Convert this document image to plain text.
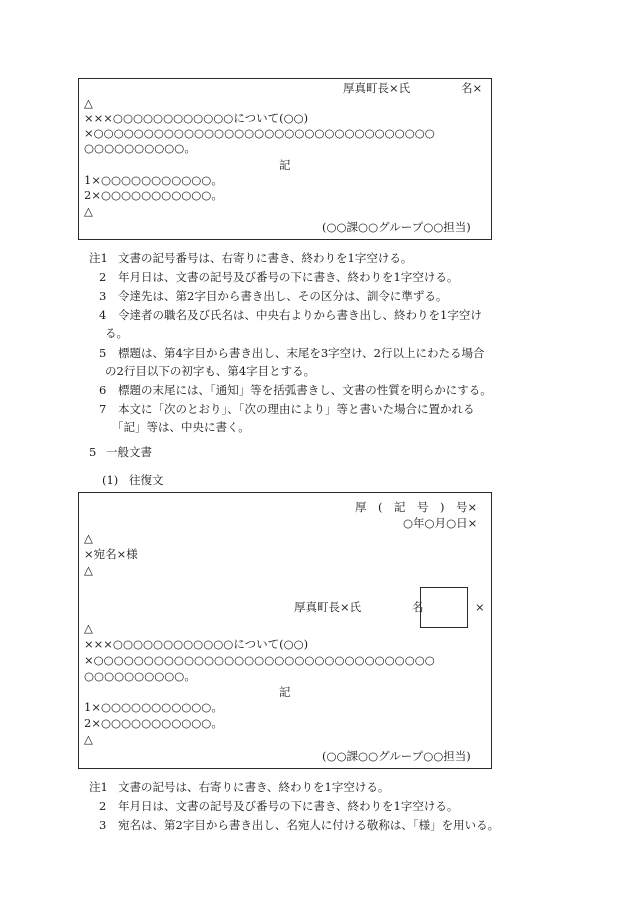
厚真町長×氏	名×
△
×××○○○○○○○○○○○○について(○○)
×○○○○○○○○○○○○○○○○○○○○○○○○○○○○○○○○○○
○○○○○○○○○○。
記
1×○○○○○○○○○○○。
2×○○○○○○○○○○○。
△
(○○課○○グループ○○担当)
注1 文書の記号番号は、右寄りに書き、終わりを1字空ける。
2 年月日は、文書の記号及び番号の下に書き、終わりを1字空ける。
3 令達先は、第2字目から書き出し、その区分は、訓令に準ずる。
4 令達者の職名及び氏名は、中央右よりから書き出し、終わりを1字空け
る。
5 標題は、第4字目から書き出し、末尾を3字空け、2行以上にわたる場合
の2行目以下の初字も、第4字目とする。
6 標題の末尾には、「通知」等を括弧書きし、文書の性質を明らかにする。
7 本文に「次のとおり」、「次の理由により」等と書いた場合に置かれる
「記」等は、中央に書く。
5 一般文書
(1) 往復文
厚　(　記　号　)　号×
○年○月○日×
△
×宛名×様
△
厚真町長×氏	名	×
△
×××○○○○○○○○○○○○について(○○)
×○○○○○○○○○○○○○○○○○○○○○○○○○○○○○○○○○○
○○○○○○○○○○。
記
1×○○○○○○○○○○○。
2×○○○○○○○○○○○。
△
(○○課○○グループ○○担当)
注1 文書の記号は、右寄りに書き、終わりを1字空ける。
2 年月日は、文書の記号及び番号の下に書き、終わりを1字空ける。
3 宛名は、第2字目から書き出し、名宛人に付ける敬称は、「様」を用いる。
